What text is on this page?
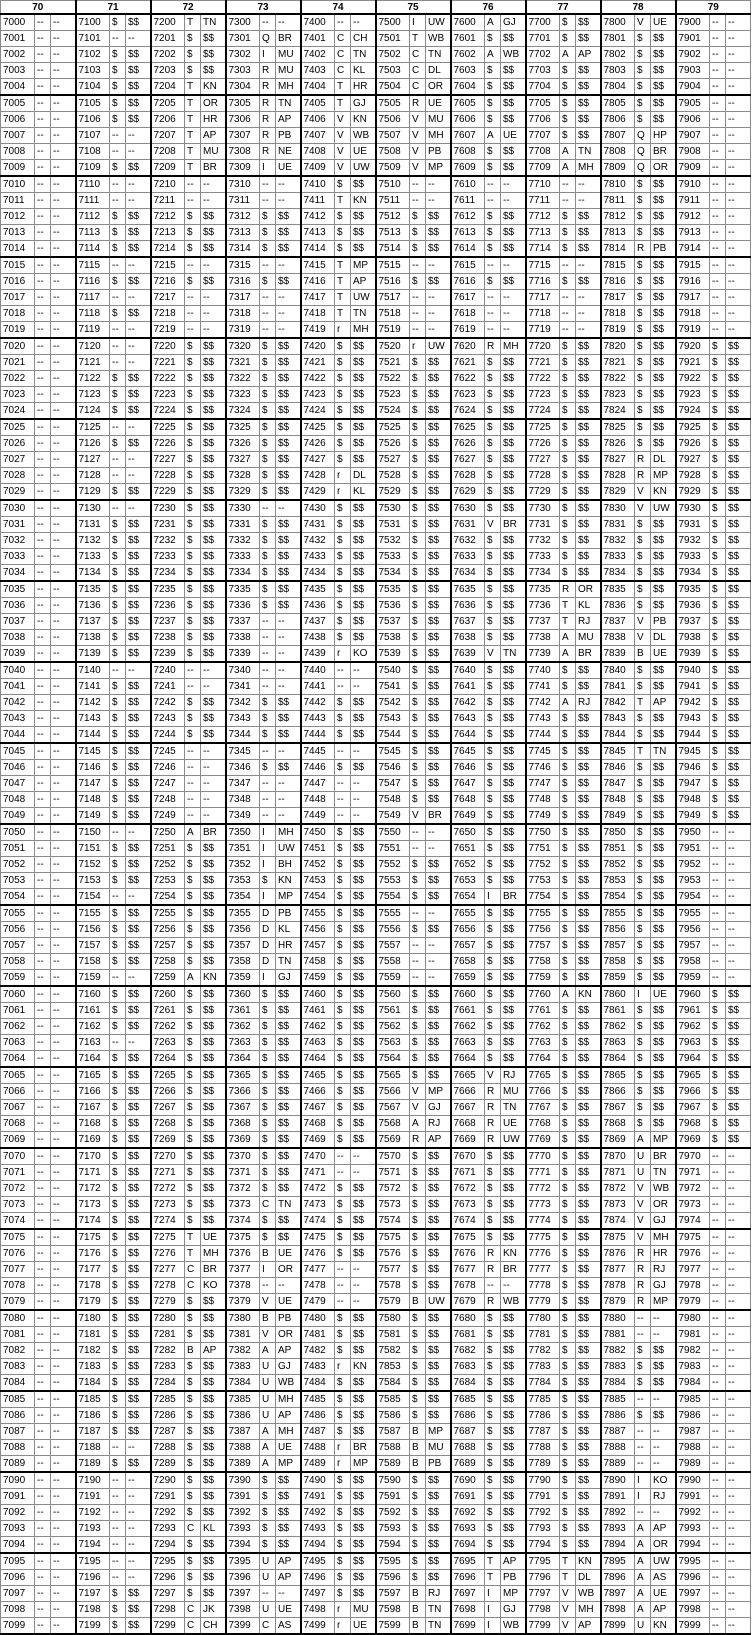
70			71			72			73			74			75			76			77			78			79		
7000	--	--	7100	$	$$	7200	T	TN	7300	--	--	7400	--	--	7500	I	UW	7600	A	GJ	7700	$	$$	7800	V	UE	7900	--	--
7001	--	--	7101	--	--	7201	$	$$	7301	Q	BR	7401	C	CH	7501	T	WB	7601	$	$$	7701	$	$$	7801	$	$$	7901	--	--
7002	--	--	7102	$	$$	7202	$	$$	7302	I	MU	7402	C	TN	7502	C	TN	7602	A	WB	7702	A	AP	7802	$	$$	7902	--	--
7003	--	--	7103	$	$$	7203	$	$$	7303	R	MU	7403	C	KL	7503	C	DL	7603	$	$$	7703	$	$$	7803	$	$$	7903	--	--
7004	--	--	7104	$	$$	7204	T	KN	7304	R	MH	7404	T	HR	7504	C	OR	7604	$	$$	7704	$	$$	7804	$	$$	7904	--	--
7005	--	--	7105	$	$$	7205	T	OR	7305	R	TN	7405	T	GJ	7505	R	UE	7605	$	$$	7705	$	$$	7805	$	$$	7905	--	--
7006	--	--	7106	$	$$	7206	T	HR	7306	R	AP	7406	V	KN	7506	V	MU	7606	$	$$	7706	$	$$	7806	$	$$	7906	--	--
7007	--	--	7107	--	--	7207	T	AP	7307	R	PB	7407	V	WB	7507	V	MH	7607	A	UE	7707	$	$$	7807	Q	HP	7907	--	--
7008	--	--	7108	--	--	7208	T	MU	7308	R	NE	7408	V	UE	7508	V	PB	7608	$	$$	7708	A	TN	7808	Q	BR	7908	--	--
7009	--	--	7109	$	$$	7209	T	BR	7309	I	UE	7409	V	UW	7509	V	MP	7609	$	$$	7709	A	MH	7809	Q	OR	7909	--	--
7010	--	--	7110	--	--	7210	--	--	7310	--	--	7410	$	$$	7510	--	--	7610	--	--	7710	--	--	7810	$	$$	7910	--	--
7011	--	--	7111	--	--	7211	--	--	7311	--	--	7411	T	KN	7511	--	--	7611	--	--	7711	--	--	7811	$	$$	7911	--	--
7012	--	--	7112	$	$$	7212	$	$$	7312	$	$$	7412	$	$$	7512	$	$$	7612	$	$$	7712	$	$$	7812	$	$$	7912	--	--
7013	--	--	7113	$	$$	7213	$	$$	7313	$	$$	7413	$	$$	7513	$	$$	7613	$	$$	7713	$	$$	7813	$	$$	7913	--	--
7014	--	--	7114	$	$$	7214	$	$$	7314	$	$$	7414	$	$$	7514	$	$$	7614	$	$$	7714	$	$$	7814	R	PB	7914	--	--
7015	--	--	7115	--	--	7215	--	--	7315	--	--	7415	T	MP	7515	--	--	7615	--	--	7715	--	--	7815	$	$$	7915	--	--
7016	--	--	7116	$	$$	7216	$	$$	7316	$	$$	7416	T	AP	7516	$	$$	7616	$	$$	7716	$	$$	7816	$	$$	7916	--	--
7017	--	--	7117	--	--	7217	--	--	7317	--	--	7417	T	UW	7517	--	--	7617	--	--	7717	--	--	7817	$	$$	7917	--	--
7018	--	--	7118	$	$$	7218	--	--	7318	--	--	7418	T	TN	7518	--	--	7618	--	--	7718	--	--	7818	$	$$	7918	--	--
7019	--	--	7119	--	--	7219	--	--	7319	--	--	7419	r	MH	7519	--	--	7619	--	--	7719	--	--	7819	$	$$	7919	--	--
7020	--	--	7120	--	--	7220	$	$$	7320	$	$$	7420	$	$$	7520	r	UW	7620	R	MH	7720	$	$$	7820	$	$$	7920	$	$$
7021	--	--	7121	--	--	7221	$	$$	7321	$	$$	7421	$	$$	7521	$	$$	7621	$	$$	7721	$	$$	7821	$	$$	7921	$	$$
7022	--	--	7122	$	$$	7222	$	$$	7322	$	$$	7422	$	$$	7522	$	$$	7622	$	$$	7722	$	$$	7822	$	$$	7922	$	$$
7023	--	--	7123	$	$$	7223	$	$$	7323	$	$$	7423	$	$$	7523	$	$$	7623	$	$$	7723	$	$$	7823	$	$$	7923	$	$$
7024	--	--	7124	$	$$	7224	$	$$	7324	$	$$	7424	$	$$	7524	$	$$	7624	$	$$	7724	$	$$	7824	$	$$	7924	$	$$
7025	--	--	7125	--	--	7225	$	$$	7325	$	$$	7425	$	$$	7525	$	$$	7625	$	$$	7725	$	$$	7825	$	$$	7925	$	$$
7026	--	--	7126	$	$$	7226	$	$$	7326	$	$$	7426	$	$$	7526	$	$$	7626	$	$$	7726	$	$$	7826	$	$$	7926	$	$$
7027	--	--	7127	--	--	7227	$	$$	7327	$	$$	7427	$	$$	7527	$	$$	7627	$	$$	7727	$	$$	7827	R	DL	7927	$	$$
7028	--	--	7128	--	--	7228	$	$$	7328	$	$$	7428	r	DL	7528	$	$$	7628	$	$$	7728	$	$$	7828	R	MP	7928	$	$$
7029	--	--	7129	$	$$	7229	$	$$	7329	$	$$	7429	r	KL	7529	$	$$	7629	$	$$	7729	$	$$	7829	V	KN	7929	$	$$
7030	--	--	7130	--	--	7230	$	$$	7330	--	--	7430	$	$$	7530	$	$$	7630	$	$$	7730	$	$$	7830	V	UW	7930	$	$$
7031	--	--	7131	$	$$	7231	$	$$	7331	$	$$	7431	$	$$	7531	$	$$	7631	V	BR	7731	$	$$	7831	$	$$	7931	$	$$
7032	--	--	7132	$	$$	7232	$	$$	7332	$	$$	7432	$	$$	7532	$	$$	7632	$	$$	7732	$	$$	7832	$	$$	7932	$	$$
7033	--	--	7133	$	$$	7233	$	$$	7333	$	$$	7433	$	$$	7533	$	$$	7633	$	$$	7733	$	$$	7833	$	$$	7933	$	$$
7034	--	--	7134	$	$$	7234	$	$$	7334	$	$$	7434	$	$$	7534	$	$$	7634	$	$$	7734	$	$$	7834	$	$$	7934	$	$$
7035	--	--	7135	$	$$	7235	$	$$	7335	$	$$	7435	$	$$	7535	$	$$	7635	$	$$	7735	R	OR	7835	$	$$	7935	$	$$
7036	--	--	7136	$	$$	7236	$	$$	7336	$	$$	7436	$	$$	7536	$	$$	7636	$	$$	7736	T	KL	7836	$	$$	7936	$	$$
7037	--	--	7137	$	$$	7237	$	$$	7337	--	--	7437	$	$$	7537	$	$$	7637	$	$$	7737	T	RJ	7837	V	PB	7937	$	$$
7038	--	--	7138	$	$$	7238	$	$$	7338	--	--	7438	$	$$	7538	$	$$	7638	$	$$	7738	A	MU	7838	V	DL	7938	$	$$
7039	--	--	7139	$	$$	7239	$	$$	7339	--	--	7439	r	KO	7539	$	$$	7639	V	TN	7739	A	BR	7839	B	UE	7939	$	$$
7040	--	--	7140	--	--	7240	--	--	7340	--	--	7440	--	--	7540	$	$$	7640	$	$$	7740	$	$$	7840	$	$$	7940	$	$$
7041	--	--	7141	$	$$	7241	--	--	7341	--	--	7441	--	--	7541	$	$$	7641	$	$$	7741	$	$$	7841	$	$$	7941	$	$$
7042	--	--	7142	$	$$	7242	$	$$	7342	$	$$	7442	$	$$	7542	$	$$	7642	$	$$	7742	A	RJ	7842	T	AP	7942	$	$$
7043	--	--	7143	$	$$	7243	$	$$	7343	$	$$	7443	$	$$	7543	$	$$	7643	$	$$	7743	$	$$	7843	$	$$	7943	$	$$
7044	--	--	7144	$	$$	7244	$	$$	7344	$	$$	7444	$	$$	7544	$	$$	7644	$	$$	7744	$	$$	7844	$	$$	7944	$	$$
7045	--	--	7145	$	$$	7245	--	--	7345	--	--	7445	--	--	7545	$	$$	7645	$	$$	7745	$	$$	7845	T	TN	7945	$	$$
7046	--	--	7146	$	$$	7246	--	--	7346	$	$$	7446	$	$$	7546	$	$$	7646	$	$$	7746	$	$$	7846	$	$$	7946	$	$$
7047	--	--	7147	$	$$	7247	--	--	7347	--	--	7447	--	--	7547	$	$$	7647	$	$$	7747	$	$$	7847	$	$$	7947	$	$$
7048	--	--	7148	$	$$	7248	--	--	7348	--	--	7448	--	--	7548	$	$$	7648	$	$$	7748	$	$$	7848	$	$$	7948	$	$$
7049	--	--	7149	$	$$	7249	--	--	7349	--	--	7449	--	--	7549	V	BR	7649	$	$$	7749	$	$$	7849	$	$$	7949	$	$$
7050	--	--	7150	--	--	7250	A	BR	7350	I	MH	7450	$	$$	7550	--	--	7650	$	$$	7750	$	$$	7850	$	$$	7950	--	--
7051	--	--	7151	$	$$	7251	$	$$	7351	I	UW	7451	$	$$	7551	--	--	7651	$	$$	7751	$	$$	7851	$	$$	7951	--	--
7052	--	--	7152	$	$$	7252	$	$$	7352	I	BH	7452	$	$$	7552	$	$$	7652	$	$$	7752	$	$$	7852	$	$$	7952	--	--
7053	--	--	7153	$	$$	7253	$	$$	7353	$	KN	7453	$	$$	7553	$	$$	7653	$	$$	7753	$	$$	7853	$	$$	7953	--	--
7054	--	--	7154	--	--	7254	$	$$	7354	I	MP	7454	$	$$	7554	$	$$	7654	I	BR	7754	$	$$	7854	$	$$	7954	--	--
7055	--	--	7155	$	$$	7255	$	$$	7355	D	PB	7455	$	$$	7555	--	--	7655	$	$$	7755	$	$$	7855	$	$$	7955	--	--
7056	--	--	7156	$	$$	7256	$	$$	7356	D	KL	7456	$	$$	7556	$	$$	7656	$	$$	7756	$	$$	7856	$	$$	7956	--	--
7057	--	--	7157	$	$$	7257	$	$$	7357	D	HR	7457	$	$$	7557	--	--	7657	$	$$	7757	$	$$	7857	$	$$	7957	--	--
7058	--	--	7158	$	$$	7258	$	$$	7358	D	TN	7458	$	$$	7558	--	--	7658	$	$$	7758	$	$$	7858	$	$$	7958	--	--
7059	--	--	7159	--	--	7259	A	KN	7359	I	GJ	7459	$	$$	7559	--	--	7659	$	$$	7759	$	$$	7859	$	$$	7959	--	--
7060	--	--	7160	$	$$	7260	$	$$	7360	$	$$	7460	$	$$	7560	$	$$	7660	$	$$	7760	A	KN	7860	I	UE	7960	$	$$
7061	--	--	7161	$	$$	7261	$	$$	7361	$	$$	7461	$	$$	7561	$	$$	7661	$	$$	7761	$	$$	7861	$	$$	7961	$	$$
7062	--	--	7162	$	$$	7262	$	$$	7362	$	$$	7462	$	$$	7562	$	$$	7662	$	$$	7762	$	$$	7862	$	$$	7962	$	$$
7063	--	--	7163	--	--	7263	$	$$	7363	$	$$	7463	$	$$	7563	$	$$	7663	$	$$	7763	$	$$	7863	$	$$	7963	$	$$
7064	--	--	7164	$	$$	7264	$	$$	7364	$	$$	7464	$	$$	7564	$	$$	7664	$	$$	7764	$	$$	7864	$	$$	7964	$	$$
7065	--	--	7165	$	$$	7265	$	$$	7365	$	$$	7465	$	$$	7565	$	$$	7665	V	RJ	7765	$	$$	7865	$	$$	7965	$	$$
7066	--	--	7166	$	$$	7266	$	$$	7366	$	$$	7466	$	$$	7566	V	MP	7666	R	MU	7766	$	$$	7866	$	$$	7966	$	$$
7067	--	--	7167	$	$$	7267	$	$$	7367	$	$$	7467	$	$$	7567	V	GJ	7667	R	TN	7767	$	$$	7867	$	$$	7967	$	$$
7068	--	--	7168	$	$$	7268	$	$$	7368	$	$$	7468	$	$$	7568	A	RJ	7668	R	UE	7768	$	$$	7868	$	$$	7968	$	$$
7069	--	--	7169	$	$$	7269	$	$$	7369	$	$$	7469	$	$$	7569	R	AP	7669	R	UW	7769	$	$$	7869	A	MP	7969	$	$$
7070	--	--	7170	$	$$	7270	$	$$	7370	$	$$	7470	--	--	7570	$	$$	7670	$	$$	7770	$	$$	7870	U	BR	7970	--	--
7071	--	--	7171	$	$$	7271	$	$$	7371	$	$$	7471	--	--	7571	$	$$	7671	$	$$	7771	$	$$	7871	U	TN	7971	--	--
7072	--	--	7172	$	$$	7272	$	$$	7372	$	$$	7472	$	$$	7572	$	$$	7672	$	$$	7772	$	$$	7872	V	WB	7972	--	--
7073	--	--	7173	$	$$	7273	$	$$	7373	C	TN	7473	$	$$	7573	$	$$	7673	$	$$	7773	$	$$	7873	V	OR	7973	--	--
7074	--	--	7174	$	$$	7274	$	$$	7374	$	$$	7474	$	$$	7574	$	$$	7674	$	$$	7774	$	$$	7874	V	GJ	7974	--	--
7075	--	--	7175	$	$$	7275	T	UE	7375	$	$$	7475	$	$$	7575	$	$$	7675	$	$$	7775	$	$$	7875	V	MH	7975	--	--
7076	--	--	7176	$	$$	7276	T	MH	7376	B	UE	7476	$	$$	7576	$	$$	7676	R	KN	7776	$	$$	7876	R	HR	7976	--	--
7077	--	--	7177	$	$$	7277	C	BR	7377	I	OR	7477	--	--	7577	$	$$	7677	R	BR	7777	$	$$	7877	R	RJ	7977	--	--
7078	--	--	7178	$	$$	7278	C	KO	7378	--	--	7478	--	--	7578	$	$$	7678	--	--	7778	$	$$	7878	R	GJ	7978	--	--
7079	--	--	7179	$	$$	7279	$	$$	7379	V	UE	7479	--	--	7579	B	UW	7679	R	WB	7779	$	$$	7879	R	MP	7979	--	--
7080	--	--	7180	$	$$	7280	$	$$	7380	B	PB	7480	$	$$	7580	$	$$	7680	$	$$	7780	$	$$	7880	--	--	7980	--	--
7081	--	--	7181	$	$$	7281	$	$$	7381	V	OR	7481	$	$$	7581	$	$$	7681	$	$$	7781	$	$$	7881	--	--	7981	--	--
7082	--	--	7182	$	$$	7282	B	AP	7382	A	AP	7482	$	$$	7582	$	$$	7682	$	$$	7782	$	$$	7882	$	$$	7982	--	--
7083	--	--	7183	$	$$	7283	$	$$	7383	U	GJ	7483	r	KN	7853	$	$$	7683	$	$$	7783	$	$$	7883	$	$$	7983	--	--
7084	--	--	7184	$	$$	7284	$	$$	7384	U	WB	7484	$	$$	7584	$	$$	7684	$	$$	7784	$	$$	7884	$	$$	7984	--	--
7085	--	--	7185	$	$$	7285	$	$$	7385	U	MH	7485	$	$$	7585	$	$$	7685	$	$$	7785	$	$$	7885	--	--	7985	--	--
7086	--	--	7186	$	$$	7286	$	$$	7386	U	AP	7486	$	$$	7586	$	$$	7686	$	$$	7786	$	$$	7886	$	$$	7986	--	--
7087	--	--	7187	$	$$	7287	$	$$	7387	A	MH	7487	$	$$	7587	B	MP	7687	$	$$	7787	$	$$	7887	--	--	7987	--	--
7088	--	--	7188	--	--	7288	$	$$	7388	A	UE	7488	r	BR	7588	B	MU	7688	$	$$	7788	$	$$	7888	--	--	7988	--	--
7089	--	--	7189	$	$$	7289	$	$$	7389	A	MP	7489	r	MP	7589	B	PB	7689	$	$$	7789	$	$$	7889	--	--	7989	--	--
7090	--	--	7190	--	--	7290	$	$$	7390	$	$$	7490	$	$$	7590	$	$$	7690	$	$$	7790	$	$$	7890	I	KO	7990	--	--
7091	--	--	7191	--	--	7291	$	$$	7391	$	$$	7491	$	$$	7591	$	$$	7691	$	$$	7791	$	$$	7891	I	RJ	7991	--	--
7092	--	--	7192	--	--	7292	$	$$	7392	$	$$	7492	$	$$	7592	$	$$	7692	$	$$	7792	$	$$	7892	--	--	7992	--	--
7093	--	--	7193	--	--	7293	C	KL	7393	$	$$	7493	$	$$	7593	$	$$	7693	$	$$	7793	$	$$	7893	A	AP	7993	--	--
7094	--	--	7194	--	--	7294	$	$$	7394	$	$$	7494	$	$$	7594	$	$$	7694	$	$$	7794	$	$$	7894	A	OR	7994	--	--
7095	--	--	7195	--	--	7295	$	$$	7395	U	AP	7495	$	$$	7595	$	$$	7695	T	AP	7795	T	KN	7895	A	UW	7995	--	--
7096	--	--	7196	--	--	7296	$	$$	7396	U	AP	7496	$	$$	7596	$	$$	7696	T	PB	7796	T	DL	7896	A	AS	7996	--	--
7097	--	--	7197	$	$$	7297	$	$$	7397	--	--	7497	$	$$	7597	B	RJ	7697	I	MP	7797	V	WB	7897	A	UE	7997	--	--
7098	--	--	7198	$	$$	7298	C	JK	7398	U	UE	7498	r	MU	7598	B	TN	7698	I	GJ	7798	V	MH	7898	A	AP	7998	--	--
7099	--	--	7199	$	$$	7299	C	CH	7399	C	AS	7499	r	UE	7599	B	TN	7699	I	WB	7799	V	AP	7899	U	KN	7999	--	--
